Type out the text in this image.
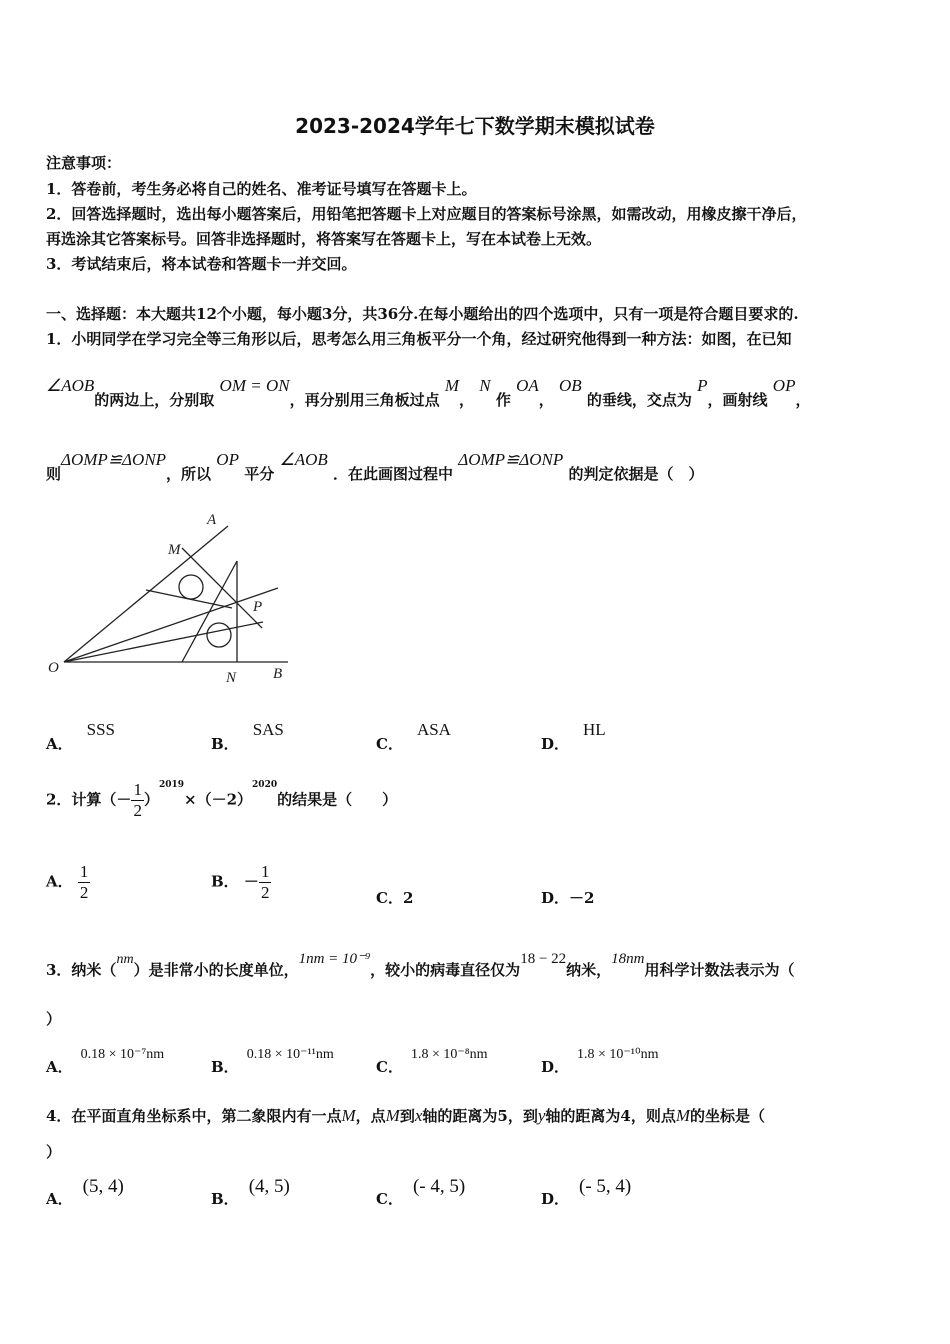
2023-2024学年七下数学期末模拟试卷
注意事项：
1．答卷前，考生务必将自己的姓名、准考证号填写在答题卡上。
2．回答选择题时，选出每小题答案后，用铅笔把答题卡上对应题目的答案标号涂黑，如需改动，用橡皮擦干净后，
再选涂其它答案标号。回答非选择题时，将答案写在答题卡上，写在本试卷上无效。
3．考试结束后，将本试卷和答题卡一并交回。
一、选择题：本大题共12个小题，每小题3分，共36分.在每小题给出的四个选项中，只有一项是符合题目要求的.
1．小明同学在学习完全等三角形以后，思考怎么用三角板平分一个角，经过研究他得到一种方法：如图，在已知
∠AOB的两边上，分别取 OM = ON，再分别用三角板过点 M， N 作 OA， OB 的垂线，交点为 P，画射线 OP，
则ΔOMP≌ΔONP，所以 OP 平分 ∠AOB ．在此画图过程中 ΔOMP≌ΔONP 的判定依据是（　）
A
M
P
O
N B
A．SSS
B．SAS
C．ASA
D．HL
2．计算（－ $\frac{1}{2} )^{2019}\times(-2)^{2020}$的结果是（　　）
A． $\frac{1}{2}$	B． － $\frac{1}{2}$	C．2	D．－2
3．纳米（nm）是非常小的长度单位，1nm = 10⁻⁹，较小的病毒直径仅为18 − 22纳米，18nm用科学计数法表示为（
）
A．0.18 × 10⁻⁷nm
B．0.18 × 10⁻¹¹nm
C．1.8 × 10⁻⁸nm
D．1.8 × 10⁻¹⁰nm
4．在平面直角坐标系中，第二象限内有一点M，点M到x轴的距离为5，到y轴的距离为4，则点M的坐标是（
）
A．(5, 4)
B．(4, 5)
C．(- 4, 5)
D．(- 5, 4)
